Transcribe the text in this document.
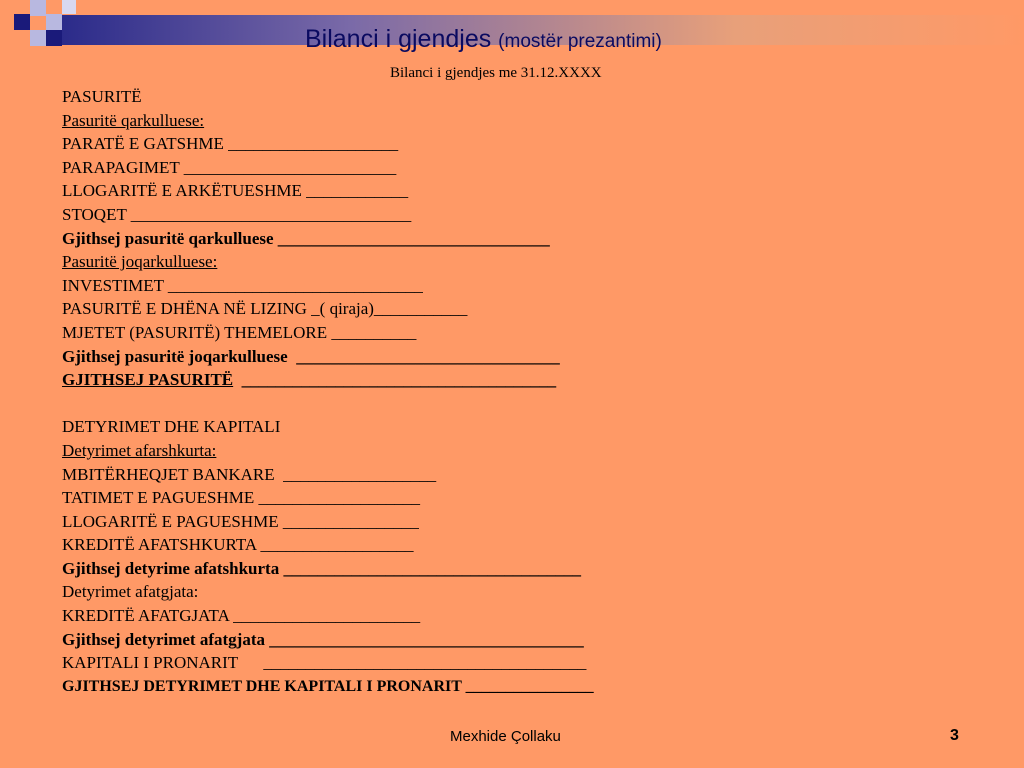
Bilanci i gjendjes (mostër prezantimi)
Bilanci i gjendjes me 31.12.XXXX
PASURITË
Pasuritë qarkulluese:
PARATË E GATSHME ____________________
PARAPAGIMET _________________________
LLOGARITË E ARKËTUESHME ____________
STOQET _________________________________
Gjithsej pasuritë qarkulluese ________________________________
Pasuritë joqarkulluese:
INVESTIMET ______________________________
PASURITË E DHËNA NË LIZING _( qiraja)___________
MJETET (PASURITË) THEMELORE __________
Gjithsej pasuritë joqarkulluese  _______________________________
GJITHSEJ PASURITË  _____________________________________
DETYRIMET DHE KAPITALI
Detyrimet afarshkurta:
MBITËRHEQJET BANKARE  __________________
TATIMET E PAGUESHME ___________________
LLOGARITË E PAGUESHME ________________
KREDITË AFATSHKURTA __________________
Gjithsej detyrime afatshkurta ___________________________________
Detyrimet afatgjata:
KREDITË AFATGJATA ______________________
Gjithsej detyrimet afatgjata _____________________________________
KAPITALI I PRONARIT      ______________________________________
GJITHSEJ DETYRIMET DHE KAPITALI I PRONARIT ________________
Mexhide Çollaku	3
